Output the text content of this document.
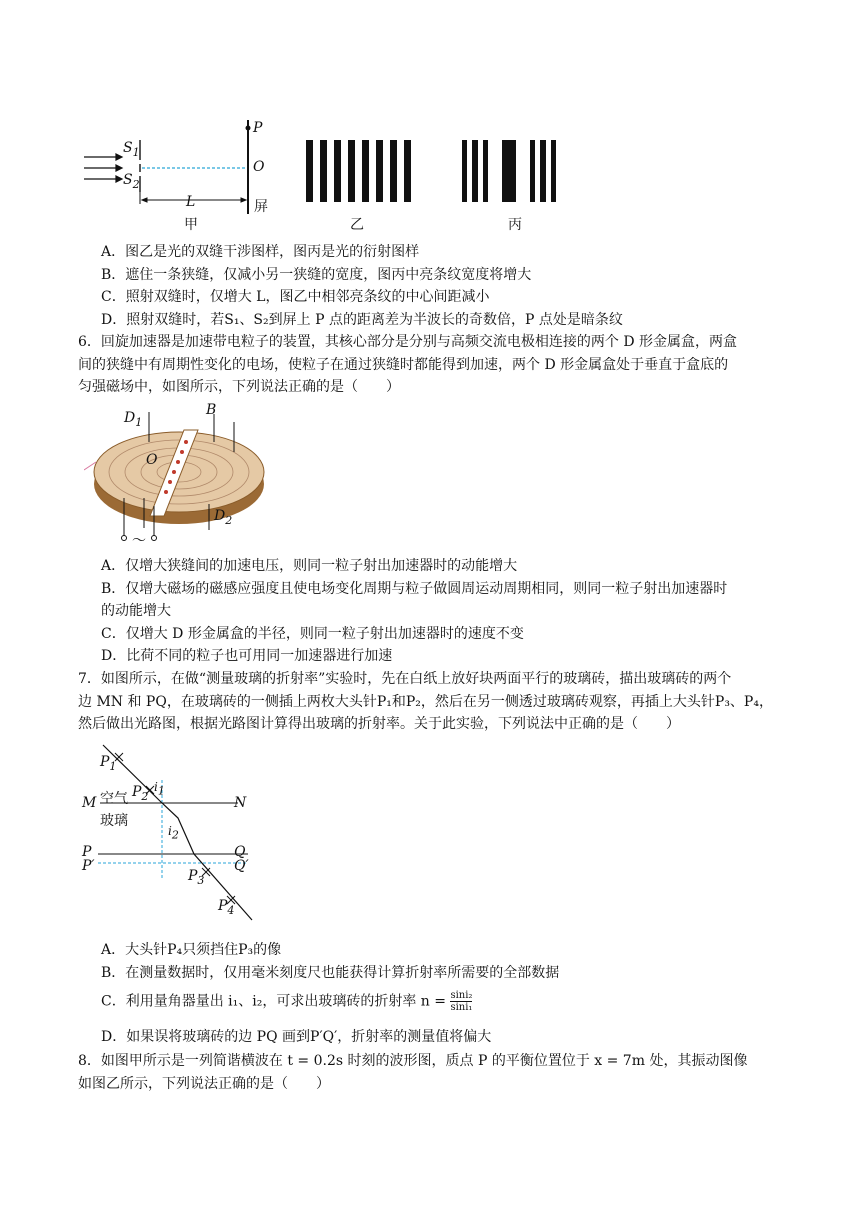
$S_1$
$S_2$
P
O
L	屏
甲	乙	丙
A．图乙是光的双缝干涉图样，图丙是光的衍射图样
B．遮住一条狭缝，仅减小另一狭缝的宽度，图丙中亮条纹宽度将增大
C．照射双缝时，仅增大 L，图乙中相邻亮条纹的中心间距减小
D．照射双缝时，若S₁、S₂到屏上 P 点的距离差为半波长的奇数倍，P 点处是暗条纹
6．回旋加速器是加速带电粒子的装置，其核心部分是分别与高频交流电极相连接的两个 D 形金属盒，两盒
间的狭缝中有周期性变化的电场，使粒子在通过狭缝时都能得到加速，两个 D 形金属盒处于垂直于盒底的
匀强磁场中，如图所示，下列说法正确的是（　　）
$D_1$
B
O
$D_2$
～
A．仅增大狭缝间的加速电压，则同一粒子射出加速器时的动能增大
B．仅增大磁场的磁感应强度且使电场变化周期与粒子做圆周运动周期相同，则同一粒子射出加速器时
的动能增大
C．仅增大 D 形金属盒的半径，则同一粒子射出加速器时的速度不变
D．比荷不同的粒子也可用同一加速器进行加速
7．如图所示，在做“测量玻璃的折射率”实验时，先在白纸上放好块两面平行的玻璃砖，描出玻璃砖的两个
边 MN 和 PQ，在玻璃砖的一侧插上两枚大头针P₁和P₂，然后在另一侧透过玻璃砖观察，再插上大头针P₃、P₄，
然后做出光路图，根据光路图计算得出玻璃的折射率。关于此实验，下列说法中正确的是（　　）
$P_1$
$P_2$
$P_3$
$P_4$
$i_1$
$i_2$
空气
玻璃
M	N
P
P′
Q
Q′
A．大头针P₄只须挡住P₃的像
B．在测量数据时，仅用毫米刻度尺也能获得计算折射率所需要的全部数据
C．利用量角器量出 i₁、i₂，可求出玻璃砖的折射率 $n = \frac{\text{sini₂}}{\text{sini₁}}$
D．如果误将玻璃砖的边 PQ 画到P′Q′，折射率的测量值将偏大
8．如图甲所示是一列简谐横波在 t = 0.2s 时刻的波形图，质点 P 的平衡位置位于 x = 7m 处，其振动图像
如图乙所示，下列说法正确的是（　　）
